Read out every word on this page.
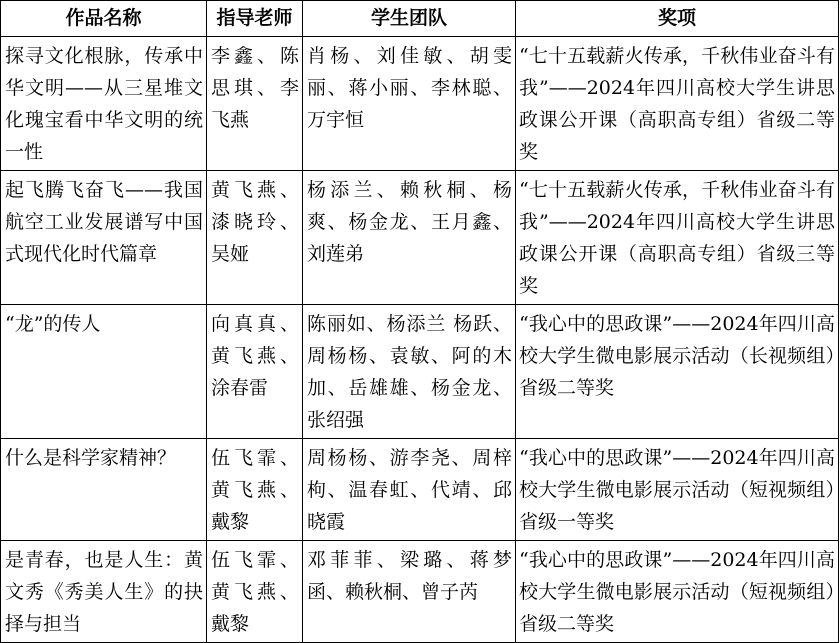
作品名称	指导老师	学生团队	奖项
探寻文化根脉，传承中华文明——从三星堆文化瑰宝看中华文明的统一性	李鑫、陈思琪、李飞燕	肖杨、刘佳敏、胡雯丽、蒋小丽、李林聪、万宇恒	“七十五载薪火传承，千秋伟业奋斗有我”——2024年四川高校大学生讲思政课公开课（高职高专组）省级二等奖
起飞腾飞奋飞——我国航空工业发展谱写中国式现代化时代篇章	黄飞燕、漆晓玲、吴娅	杨添兰、赖秋桐、杨爽、杨金龙、王月鑫、 刘莲弟	“七十五载薪火传承，千秋伟业奋斗有我”——2024年四川高校大学生讲思政课公开课（高职高专组）省级三等奖
“龙”的传人	向真真、黄飞燕、涂春雷	陈丽如、杨添兰 杨跃、周杨杨、袁敏、阿的木加、岳雄雄、杨金龙、张绍强	“我心中的思政课”——2024年四川高校大学生微电影展示活动（长视频组）省级二等奖
什么是科学家精神？	伍飞霏、黄飞燕、戴黎	周杨杨、游李尧、周梓枸、温春虹、代靖、邱晓霞	“我心中的思政课”——2024年四川高校大学生微电影展示活动（短视频组）省级一等奖
是青春，也是人生：黄文秀《秀美人生》的抉择与担当	伍飞霏、黄飞燕、戴黎	邓菲菲、梁璐、蒋梦函、赖秋桐、曾子芮	“我心中的思政课”——2024年四川高校大学生微电影展示活动（短视频组）省级二等奖
